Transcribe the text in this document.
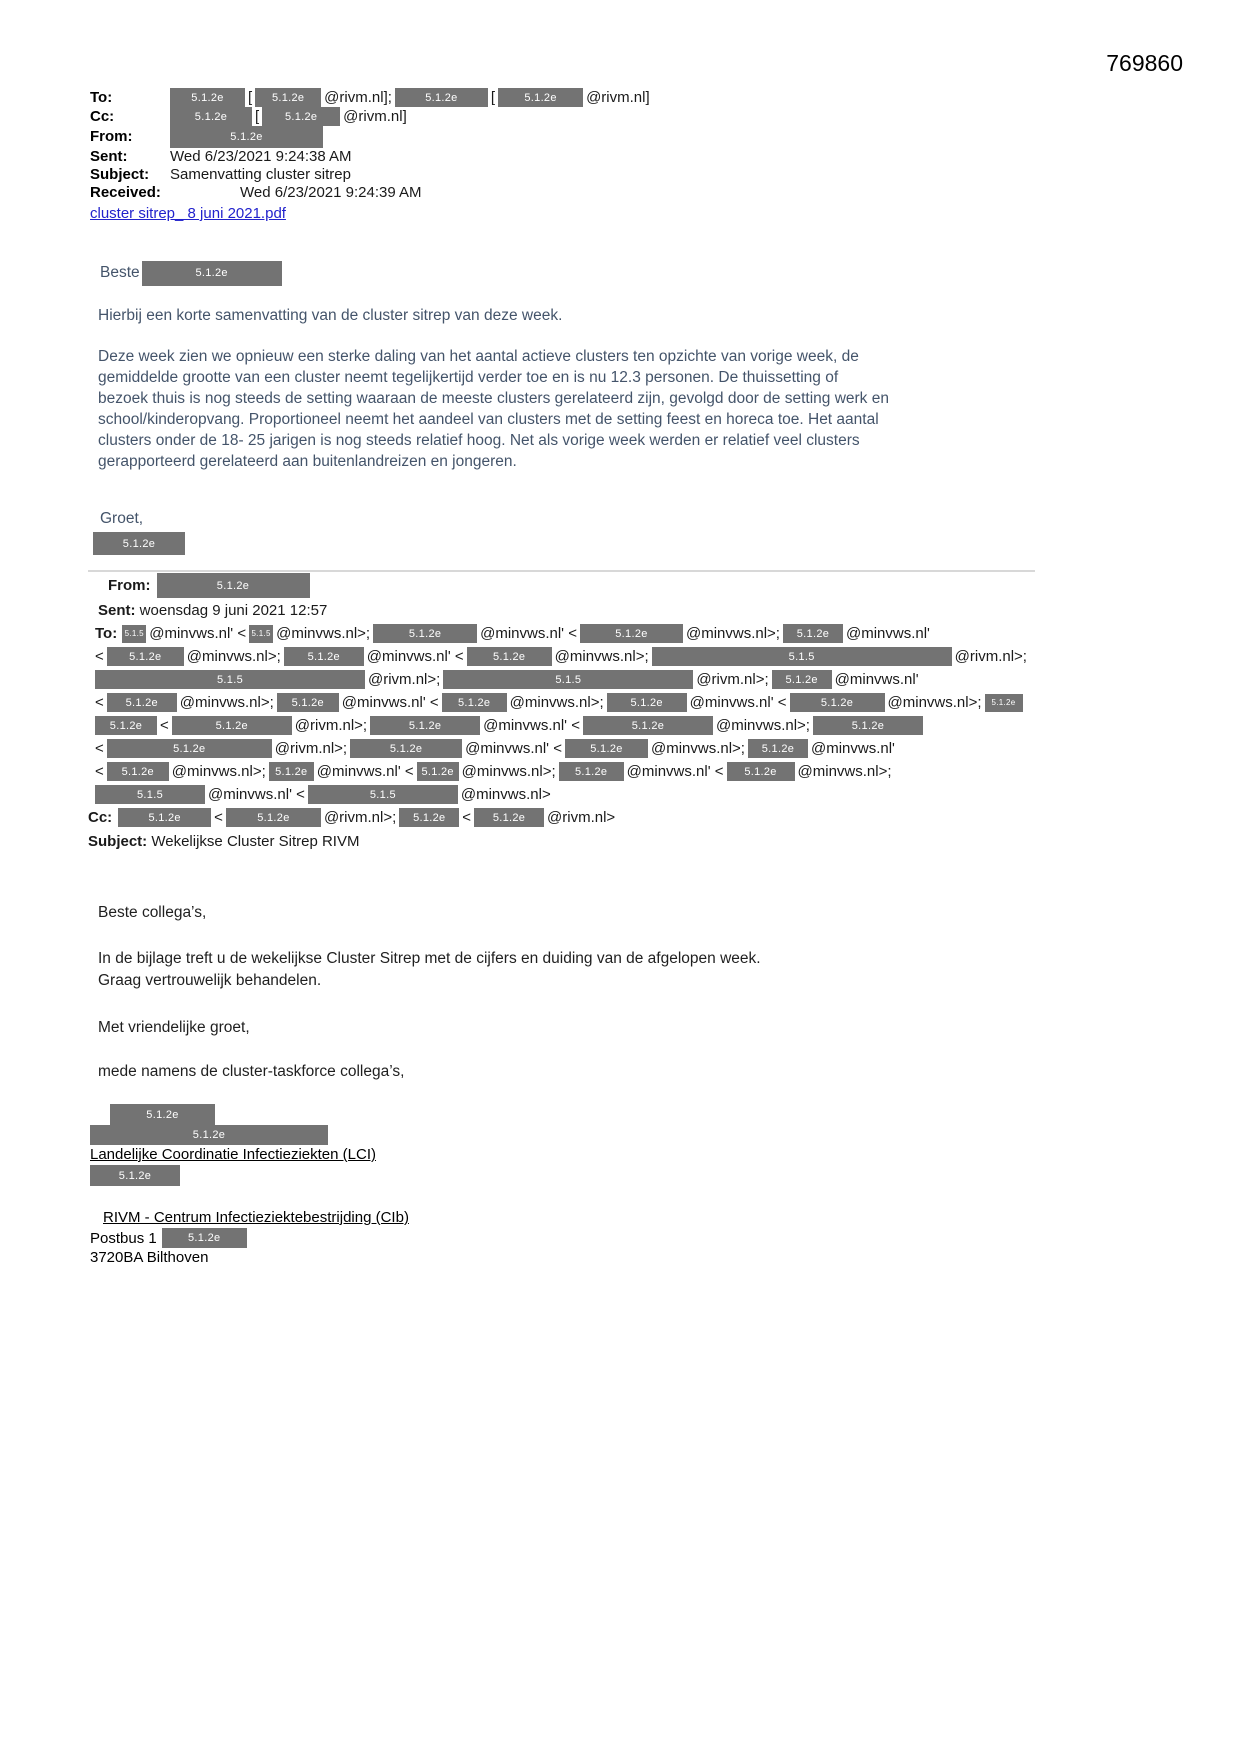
769860
To:	5.1.2e	[	5.1.2e	@rivm.nl];	5.1.2e	[	5.1.2e	@rivm.nl]
Cc:	5.1.2e	[	5.1.2e	@rivm.nl]
From:	5.1.2e
Sent:	Wed 6/23/2021 9:24:38 AM
Subject:	Samenvatting cluster sitrep
Received:	Wed 6/23/2021 9:24:39 AM
cluster sitrep_ 8 juni 2021.pdf
Beste	5.1.2e
Hierbij een korte samenvatting van de cluster sitrep van deze week.
Deze week zien we opnieuw een sterke daling van het aantal actieve clusters ten opzichte van vorige week, de
gemiddelde grootte van een cluster neemt tegelijkertijd verder toe en is nu 12.3 personen. De thuissetting of
bezoek thuis is nog steeds de setting waaraan de meeste clusters gerelateerd zijn, gevolgd door de setting werk en
school/kinderopvang. Proportioneel neemt het aandeel van clusters met de setting feest en horeca toe. Het aantal
clusters onder de 18- 25 jarigen is nog steeds relatief hoog. Net als vorige week werden er relatief veel clusters
gerapporteerd gerelateerd aan buitenlandreizen en jongeren.
Groet,
5.1.2e
From:	5.1.2e
Sent: woensdag 9 juni 2021 12:57
To: 5.1.5 @minvws.nl' < 5.1.5 @minvws.nl>;	5.1.2e	@minvws.nl' <	5.1.2e	@minvws.nl>;	5.1.2e	@minvws.nl'
<	5.1.2e	@minvws.nl>;	5.1.2e	@minvws.nl' <	5.1.2e	@minvws.nl>;	5.1.5	@rivm.nl>;
5.1.5	@rivm.nl>;	5.1.5	@rivm.nl>;	5.1.2e	@minvws.nl'
<	5.1.2e	@minvws.nl>;	5.1.2e	@minvws.nl' <	5.1.2e	@minvws.nl>;	5.1.2e	@minvws.nl' <	5.1.2e	@minvws.nl>;	5.1.2e
5.1.2e	<	5.1.2e	@rivm.nl>;	5.1.2e	@minvws.nl' <	5.1.2e	@minvws.nl>;	5.1.2e
<	5.1.2e	@rivm.nl>;	5.1.2e	@minvws.nl' <	5.1.2e	@minvws.nl>;	5.1.2e	@minvws.nl'
<	5.1.2e	@minvws.nl>; 5.1.2e @minvws.nl' < 5.1.2e @minvws.nl>;	5.1.2e	@minvws.nl' <	5.1.2e	@minvws.nl>;
5.1.5	@minvws.nl' <	5.1.5	@minvws.nl>
Cc:	5.1.2e	<	5.1.2e	@rivm.nl>;	5.1.2e	<	5.1.2e	@rivm.nl>
Subject: Wekelijkse Cluster Sitrep RIVM
Beste collega’s,
In de bijlage treft u de wekelijkse Cluster Sitrep met de cijfers en duiding van de afgelopen week.
Graag vertrouwelijk behandelen.
Met vriendelijke groet,
mede namens de cluster-taskforce collega’s,
5.1.2e
5.1.2e
Landelijke Coordinatie Infectieziekten (LCI)
5.1.2e
RIVM - Centrum Infectieziektebestrijding (CIb)
Postbus 1	5.1.2e
3720BA Bilthoven
